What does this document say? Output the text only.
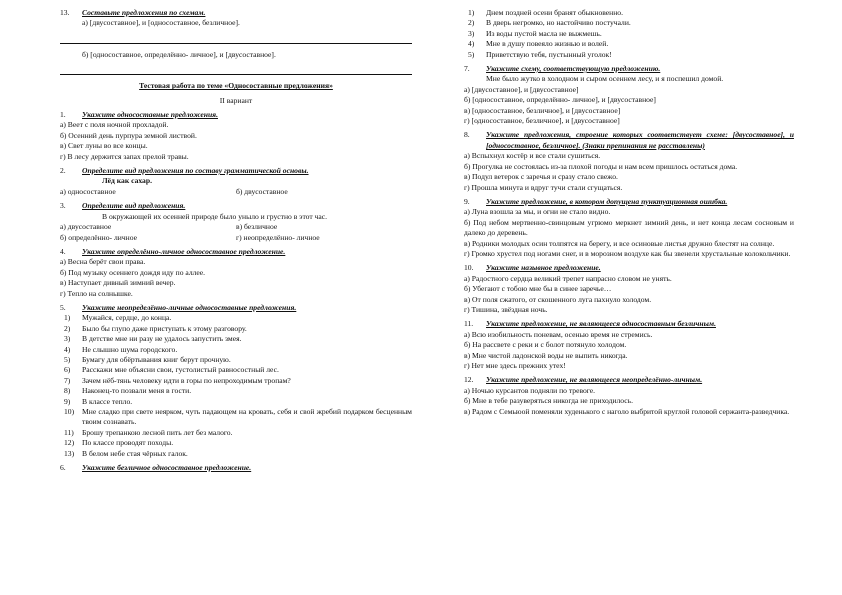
13.	Составьте предложения по схемам.
а) [двусоставное], и [односоставное, безличное].
б) [односоставное, определённо- личное], и [двусоставное].
Тестовая работа по теме «Односоставные предложения»
II вариант
1.	Укажите односоставные предложения.
а) Веет с поля ночной прохладой.
б) Осенний день пурпура земной листвой.
в) Свет луны во все концы.
г) В лесу держится запах прелой травы.
2.	Определите вид предложения по составу грамматической основы.
Лёд как сахар.
а) односоставное	б) двусоставное
3.	Определите вид предложения.
В окружающей их осенней природе было уныло и грустно в этот час.
а) двусоставное	в) безличное
б) определённо- личное	г) неопределённо- личное
4.	Укажите определённо-личное односоставное предложение.
а) Весна берёт свои права.
б) Под музыку осеннего дождя иду по аллее.
в) Наступает дивный зимний вечер.
г) Тепло на солнышке.
5.	Укажите неопределённо-личные односоставные предложения.
1)	Мужайся, сердце, до конца.
2)	Было бы глупо даже приступать к этому разговору.
3)	В детстве мне ни разу не удалось запустить змея.
4)	Не слышно шума городского.
5)	Бумагу для обёртывания книг берут прочную.
6)	Расскажи мне объясни свои, густолистый равносостный лес.
7)	Зачем нёб-тянь человеку идти в горы по непроходимым тропам?
8)	Наконец-то позвали меня в гости.
9)	В классе тепло.
10)	Мне сладко при свете неярком, чуть падающем на кровать, себя и свой жребий подарком бесценным твоим сознавать.
11)	Брошу трепанкою лесной пить лет без малого.
12)	По классе проводят походы.
13)	В белом небе стая чёрных галок.
6.	Укажите безличное односоставное предложение.
1)	Днем поздней осени бранят обыкновенно.
2)	В дверь негромко, но настойчиво постучали.
3)	Из воды пустой масла не выжмешь.
4)	Мне в душу повеяло жизнью и волей.
5)	Приветствую тебя, пустынный уголок!
7.	Укажите схему, соответствующую предложению.
Мне было жутко в холодном и сыром осеннем лесу, и я поспешил домой.
а) [двусоставное], и [двусоставное]
б) [односоставное, определённо- личное], и [двусоставное]
в) [односоставное, безличное], и [двусоставное]
г) [односоставное, безличное], и [двусоставное]
8.	Укажите предложения, строение которых соответствует схеме: [двусоставное], и [односоставное, безличное]. (Знаки препинания не расставлены)
а) Вспыхнул костёр и все стали сушиться.
б) Прогулка не состоялась из-за плохой погоды и нам всем пришлось остаться дома.
в) Подул ветерок с заречья и сразу стало свежо.
г) Прошла минута и вдруг тучи стали сгущаться.
9.	Укажите предложение, в котором допущена пунктуационная ошибка.
а) Луна взошла за мы, и огни не стало видно.
б) Под небом мертвенно-свинцовым угрюмо меркнет зимний день, и нет конца лесам сосновым и далеко до деревень.
в) Родники молодых осин толпятся на берегу, и все осиновые листья дружно блестят на солнце.
г) Громко хрустел под ногами снег, и в морозном воздухе как бы звенели хрустальные колокольчики.
10.	Укажите назывное предложение.
а) Радостного сердца великий трепет напрасно словом не унять.
б) Убегают с тобою мне бы в синее заречье…
в) От поля сжатого, от скошенного луга пахнуло холодом.
г) Тишина, звёздная ночь.
11.	Укажите предложение, не являющееся односоставным безличным.
а) Всю изобильность поневам, осенью время не стремись.
б) На рассвете с реки и с болот потянуло холодом.
в) Мне чистой ладонской воды не выпить никогда.
г) Нет мне здесь прежних утех!
12.	Укажите предложение, не являющееся неопределённо-личным.
а) Ночью курсантов подняли по тревоге.
б) Мне в тебе разуверяться никогда не приходилось.
в) Радом с Семьюой поменяли худенького с наголо выбритой круглой головой сержанта-разведчика.
